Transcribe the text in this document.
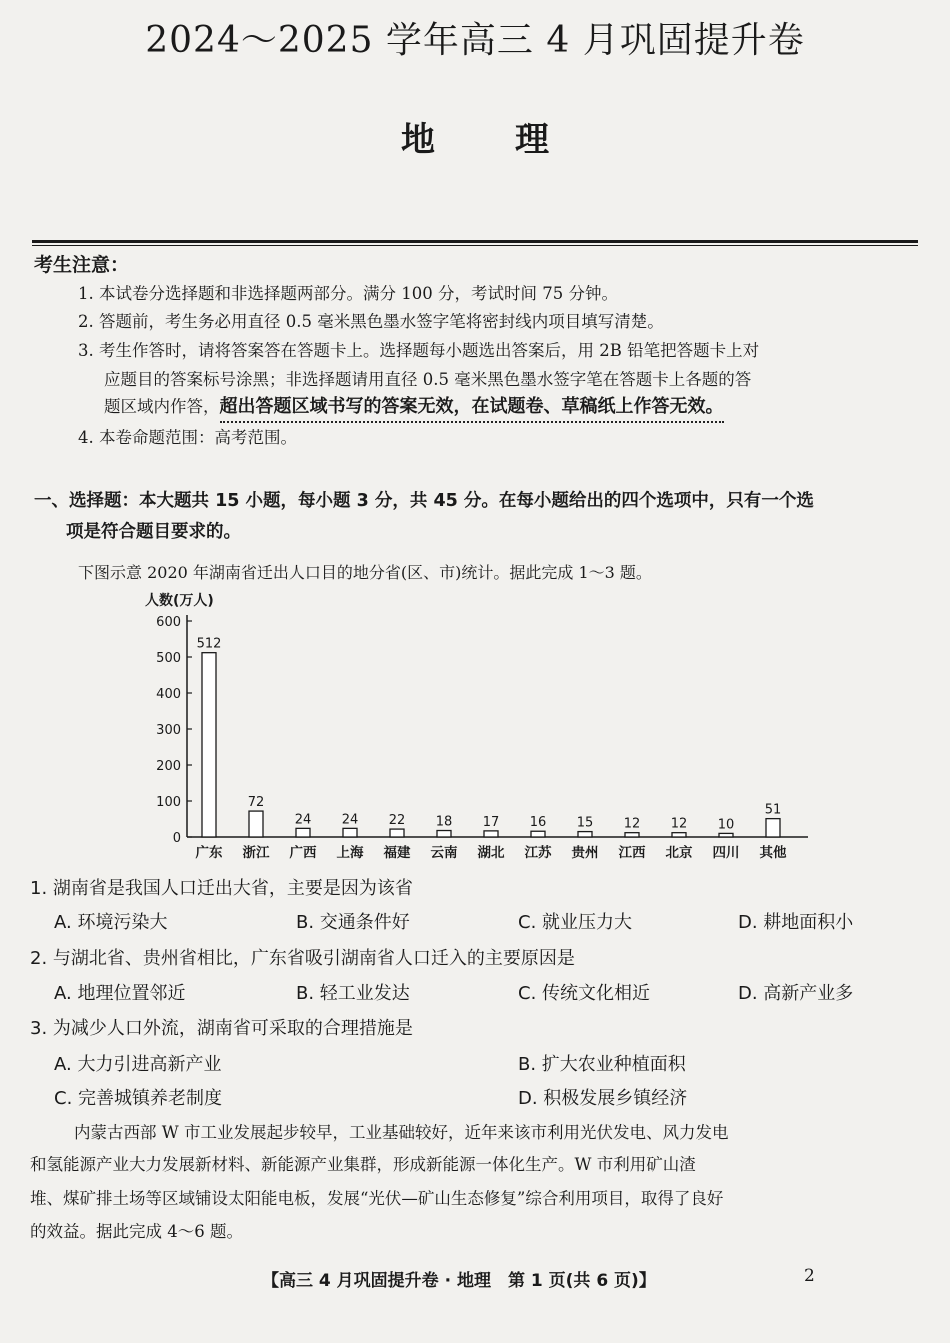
2024～2025 学年高三 4 月巩固提升卷
地理
考生注意：
1. 本试卷分选择题和非选择题两部分。满分 100 分，考试时间 75 分钟。
2. 答题前，考生务必用直径 0.5 毫米黑色墨水签字笔将密封线内项目填写清楚。
3. 考生作答时，请将答案答在答题卡上。选择题每小题选出答案后，用 2B 铅笔把答题卡上对
应题目的答案标号涂黑；非选择题请用直径 0.5 毫米黑色墨水签字笔在答题卡上各题的答
题区域内作答，超出答题区域书写的答案无效，在试题卷、草稿纸上作答无效。
4. 本卷命题范围：高考范围。
一、选择题：本大题共 15 小题，每小题 3 分，共 45 分。在每小题给出的四个选项中，只有一个选
项是符合题目要求的。
下图示意 2020 年湖南省迁出人口目的地分省(区、市)统计。据此完成 1～3 题。
人数(万人)
0
100
200
300
400
500
600
512
广东
72
浙江
24
广西
24
上海
22
福建
18
云南
17
湖北
16
江苏
15
贵州
12
江西
12
北京
10
四川
51
其他
1. 湖南省是我国人口迁出大省，主要是因为该省
A. 环境污染大	B. 交通条件好	C. 就业压力大	D. 耕地面积小
2. 与湖北省、贵州省相比，广东省吸引湖南省人口迁入的主要原因是
A. 地理位置邻近	B. 轻工业发达	C. 传统文化相近	D. 高新产业多
3. 为减少人口外流，湖南省可采取的合理措施是
A. 大力引进高新产业	B. 扩大农业种植面积
C. 完善城镇养老制度	D. 积极发展乡镇经济
内蒙古西部 W 市工业发展起步较早，工业基础较好，近年来该市利用光伏发电、风力发电
和氢能源产业大力发展新材料、新能源产业集群，形成新能源一体化生产。W 市利用矿山渣
堆、煤矿排土场等区域铺设太阳能电板，发展“光伏—矿山生态修复”综合利用项目，取得了良好
的效益。据此完成 4～6 题。
【高三 4 月巩固提升卷 · 地理　第 1 页(共 6 页)】	2
